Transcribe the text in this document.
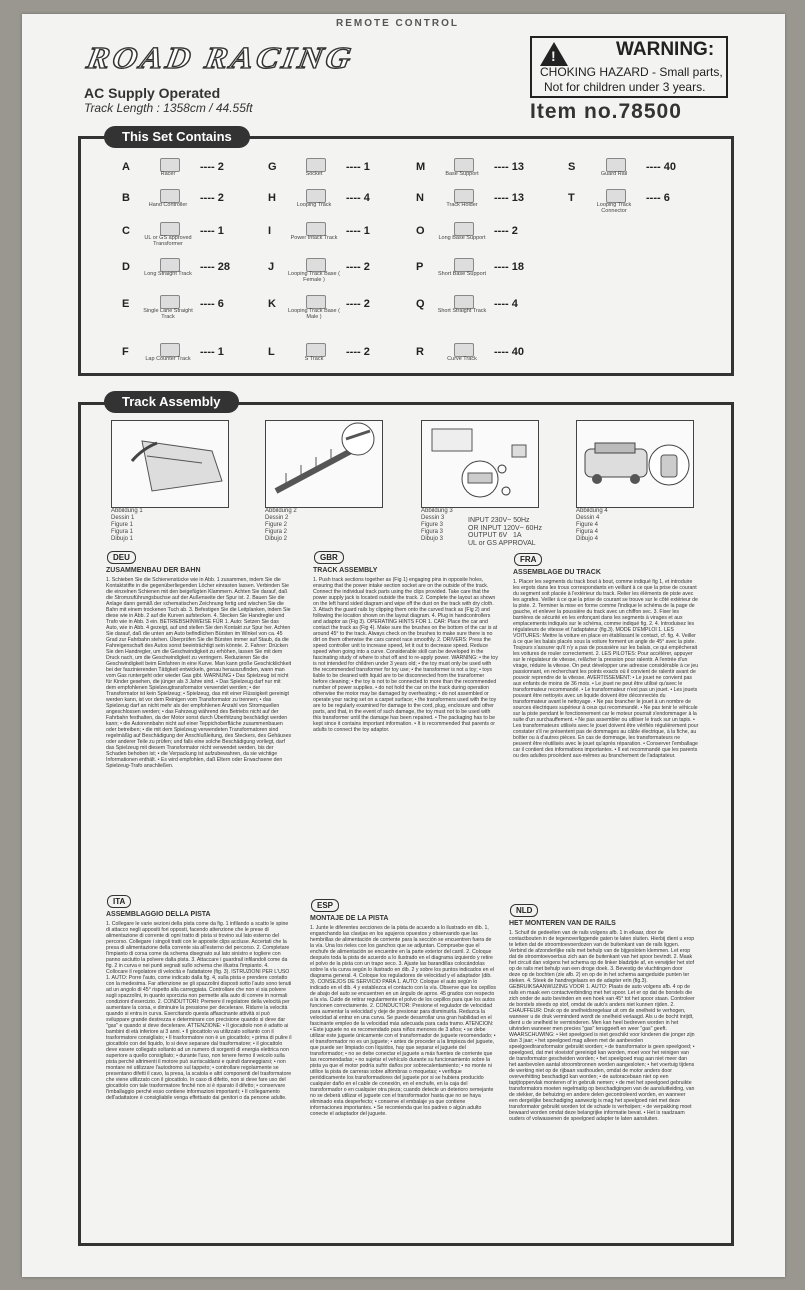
REMOTE CONTROL
ROAD RACING
AC Supply Operated
Track Length : 1358cm / 44.55ft
!	WARNING:
CHOKING HAZARD - Small parts,
Not for children under 3 years.
Item no.78500
This Set Contains
A
Racer
---- 2
B
Hand Controller
---- 2
C
UL or GS approved Transformer
---- 1
D
Long Straight Track
---- 28
E
Single Lane Straight Track
---- 6
F
Lap Counter Track
---- 1
G
Socket
---- 1
H
Looping Track
---- 4
I
Power Intack Track
---- 1
J
Looping Track Base ( Female )
---- 2
K
Looping Track Base ( Male )
---- 2
L
S Track
---- 2
M
Base Support
---- 13
N
Track Holder
---- 13
O
Long Base Support
---- 2
P
Short Base Support
---- 18
Q
Short Straight Track
---- 4
R
Curve Track
---- 40
S
Guard Rail
---- 40
T
Looping Track Connector
---- 6
Track Assembly
Abbildung 1
Dessin 1
Figure 1
Figura 1
Dibujo 1
Abbildung 2
Dessin 2
Figure 2
Figura 2
Dibujo 2
Abbildung 3
Dessin 3
Figure 3
Figura 3
Dibujo 3
Abbildung 4
Dessin 4
Figure 4
Figura 4
Dibujo 4
INPUT 230V~ 50Hz
OR INPUT 120V~ 60Hz
OUTPUT 6V   1A
UL or GS APPROVAL
DEU
ZUSAMMENBAU DER BAHN
1. Schieben Sie die Schienenstücke wie in Abb. 1 zusammen, indem Sie die Kontaktstifte in die gegenüberliegenden Löcher einrasten lassen. Verbinden Sie die einzelnen Schienen mit den beigefügten Klammern. Achten Sie darauf, daß die Stromzuführungsbuchse auf der Außenseite der Spur ist. 2. Bauen Sie die Anlage dann gemäß der schematischen Zeichnung fertig und wischen Sie die Bahn mit einem trockenen Tuch ab. 3. Befestigen Sie die Leitplanken, indem Sie diese wie in Abb. 2 auf die Kurven aufstecken. 4. Stecken Sie Handregler und Trafo wie in Abb. 3 ein. BETRIEBSHINWEISE FÜR 1. Auto: Setzen Sie das Auto, wie in Abb. 4 gezeigt, auf und stellen Sie den Kontakt zur Spur her. Achten Sie darauf, daß die unten am Auto befindlichen Bürsten im Winkel von ca. 45 Grad zur Fahrbahn stehen. Überprüfen Sie die Bürsten immer auf Staub, da die Fahreigenschaft des Autos sonst beeinträchtigt sein könnte. 2. Fahrer: Drücken Sie den Handregler, um die Geschwindigkeit zu erhöhen, lassen Sie mit dem Druck nach, um die Geschwindigkeit zu verringern. Reduzieren Sie die Geschwindigkeit beim Einfahren in eine Kurve. Man kann große Geschicklichkeit bei der faszinierenden Tätigkeit entwickeln, genau herauszufinden, wann man vom Gas runtergeht oder wieder Gas gibt. WARNUNG • Das Spielzeug ist nicht für Kinder gesehen, die jünger als 3 Jahre sind. • Das Spielzeug darf nur mit dem empfohlenen Spielzeugtransformator verwendet werden; • der Transformator ist kein Spielzeug; • Spielzeug, das mit einer Flüssigkeit gereinigt werden kann, ist vor dem Reinigen vom Transformator zu trennen; • das Spielzeug darf an nicht mehr als der empfohlenen Anzahl von Stromquellen angeschlossen werden; • das Fahrzeug während des Betriebs nicht auf der Fahrbahn festhalten, da der Motor sonst durch Überhitzung beschädigt werden kann; • die Autorennbahn nicht auf einer Teppichoberfläche zusammenbauen oder betreiben; • die mit dem Spielzeug verwendeten Transformatoren sind regelmäßig auf Beschädigung der Anschlußleitung, des Steckers, des Gehäuses oder anderer Teile zu prüfen; und falls eine solche Beschädigung vorliegt, darf das Spielzeug mit diesem Transformator nicht verwendet werden, bis der Schaden behoben ist; • die Verpackung ist aufzubewahren, da sie wichtige Informationen enthält. • Es wird empfohlen, daß Eltern oder Erwachsene den Spielzeug-Trafo anschließen.
GBR
TRACK ASSEMBLY
1. Push track sections together as (Fig 1) engaging pins in opposite holes, ensuring that the power intake section socket are on the outside of the track. Connect the individual track parts using the clips provided. Take care that the power supply jack is located outside the track. 2. Complete the layout as shown on the left hand sided diagram and wipe off the dust on the track with dry cloth. 3. Attach the guard rails by clipping them onto the curved track as (Fig 2) and following the location shown on the layout diagram. 4. Plug in handcontrollers and adaptor as (Fig 3). OPERATING HINTS FOR 1. CAR: Place the car and contact the track as (Fig 4). Make sure the brushes on the bottom of the car is at around 45° to the track. Always check on the brushes to make sure there is no dirt on them otherwise the cars cannot race smoothly. 2. DRIVERS: Press the speed controller unit to increase speed, let it out to decrease speed. Reduce speed when going into a curve. Considerable skill can be developed in the fascinating study of where to shut off and to re-apply power. WARNING: • the toy is not intended for children under 3 years old; • the toy must only be used with the recommended transformer for toy use; • the transformer is not a toy; • toys liable to be cleaned with liquid are to be disconnected from the transformer before cleaning; • the toy is not to be connected to more than the recommended number of power supplies. • do not hold the car on the track during operation otherwise the motor may be damaged by overheating; • do not assembled or operate your racing set on a carpet surface; • the transformers used with the toy are to be regularly examined for damage to the cord, plug, enclosure and other parts, and that, in the event of such damage, the toy must not to be used with this transformer until the damage has been repaired. • The packaging has to be kept since it contains important information. • It is recommended that parents or adults to connect the toy adaptor.
FRA
ASSEMBLAGE DU TRACK
1. Placer les segments du track bout à bout, comme indiqué fig 1, et introduire les ergots dans les trous correspondants en veillant à ce que la prise de courant du segment soit placée à l'extérieur du track. Relier les éléments de piste avec les agrafes. Veiller à ce que la prise de courant se trouve sur le côté extérieur de la piste. 2. Terminer la mise en forme comme l'indique le schéma de la page de gauche, et enlever la poussière du track avec un chiffon sec. 3. Fixer les barrières de sécurité en les enfonçant dans les segments à virages et aux emplacements indiqués sur le schéma, comme indiqué fig. 2. 4. Introduisez les régulateurs de vitesse et l'adaptateur (fig.3). MODE D'EMPLOI 1. LES VOITURES: Mettre la voiture en place en établissant le contact, cf. fig. 4. Veiller à ce que les balais placés sous la voiture forment un angle de 45° avec la piste. Toujours s'assurer qu'il n'y a pas de poussière sur les balais, ce qui empêcherait les voitures de rouler correctement. 2. LES PILOTES: Pour accélérer, appuyer sur le régulateur de vitesse, relâcher la pression pour ralentir. A l'entrée d'un virage, réduire la vitesse. On peut développer une adresse considérable à ce jeu passionnant, en recherchant les points exacts où il convient de ralentir avant de pouvoir reprendre de la vitesse. AVERTISSEMENT: • Le jouet ne convient pas aux enfants de moins de 36 mois. • Le jouet ne peut être utilisé qu'avec le transformateur recommandé. • Le transformateur n'est pas un jouet. • Les jouets pouvant être nettoyés avec un liquide doivent être déconnectés du transformateur avant le nettoyage. • Ne pas brancher le jouet à un nombre de sources électriques supérieur à ceux qui recommandé. • Ne pas tenir le véhicule sur la piste pendant le fonctionnement car le moteur pourrait s'endommager à la suite d'un surchauffement. • Ne pas assembler ou utiliser le track sur un tapis. • Les transformateurs utilisés avec le jouet doivent être vérifiés régulièrement pour constater s'il ne présentent pas de dommages au câble électrique, à la fiche, au boîtier ou à d'autres pièces. En cas de dommage, les transformateurs ne peuvent être réutilisés avec le jouet qu'après réparation. • Conserver l'emballage car il contient des informations importantes. • Il est recommandé que les parents ou des adultes procèdent aux-mêmes au branchement de l'adaptateur.
ITA
ASSEMBLAGGIO DELLA PISTA
1. Collegare le varie sezioni della pista come da fig. 1 infilando a scatto le spine di attacco negli appositi fori opposti, facendo attenzione che le prese di alimentazione di corrente di ogni tratto di pista si trovino sul lato esterno del percorso. Collegare i singoli tratti con le apposite clips accluse. Accertati che la presa di alimentazione della corrente sia all'esterno del percorso. 2. Completare l'impianto di corsa come da schema disegnato sul lato sinistro e togliere con panno asciutto la polvere dalla pista. 3. Attaccare i guardrail infilandoli come da fig. 2 in curva e nei punti segnati sullo schema che illustra l'impianto. 4. Collocare il regolatore di velocità e l'adattatore (fig. 3). ISTRUZIONI PER L'USO 1. AUTO: Porre l'auto, come indicato dalla fig. 4, sulla pista e prendere contatto con la medesima. Far attenzione se gli spazzolini disposti sotto l'auto sono tenuti ad un angolo di 45° rispetto alla carreggiata. Controllare che non vi sia polvere sugli spazzolini, in quanto sporcizia non permette alla auto di correre in normali condizioni d'esercizio. 2. CONDUTTORI: Premere il regolatore della velocità per aumentare la corsa, e diminuire la pressione per decelerare. Ridurre la velocità quando si entra in curva. Esercitando questa affascinante attività si può sviluppare grande destrezza e determinare con precisione quando si deve dar "gas" e quando si deve decelerare. ATTENZIONE: • Il giocattolo non è adatto ai bambini di età inferiore ai 3 anni. • Il giocattolo va utilizzato soltanto con il trasformatore consigliato; • Il trasformatore non è un giocattolo; • prima di pulire il giocattolo con del liquido, lo si deve separare dal trasformatore; • il giocattolo deve essere collegato soltanto ad un numero di sorgenti di energia elettrica non superiore a quello consigliato; • durante l'uso, non tenere fermo il veicolo sulla pista perché altrimenti il motore può surriscaldarsi e quindi danneggiarsi; • non montare né utilizzare l'autodromo sul tappeto; • controllare regolarmente se presentano difetti il cavo, la presa, la scatola e altri componenti del trasformatore che viene utilizzato con il giocattolo. In caso di difetto, non si deve fare uso del giocattolo con tale trasformatore finché non si è riparato il difetto; • conservare l'imballaggio perché esso contiene informazioni importanti; • Il collegamento dell'adattatore è consigliabile venga effettuato dai genitori o da persone adulte.
ESP
MONTAJE DE LA PISTA
1. Junte le diferentes secciones de la pista de acuerdo a lo ilustrado en dib. 1, enganchando las clavijas en los agujeros opuestos y observando que las hembrillas de alimentación de corriente para la sección se encuentren fuera de la vía. Una los rieles con los ganchos que se adjuntan. Compruebe que el enchufe de alimentación se encuentre en la parte exterior del carril. 2. Coloque después toda la pista de acuerdo a lo ilustrado en el diagrama izquierdo y retire el polvo de la pista con un trapo seco. 3. Ajuste las barandillas colocándolas sobre la vía curva según lo ilustrado en dib. 2 y sobre los puntos indicados en el diagrama general. 4. Coloque los reguladores de velocidad y el adaptador (dib. 3). CONSEJOS DE SERVICIO PARA 1. AUTO: Coloque el auto según lo indicado en el dib. 4 y establezca el contacto con la vía. Observe que los cepillos de abajo del auto se encuentren en un ángulo de aprox. 45 grados con respecto a la vía. Cuide de retirar regularmente el polvo de los cepillos para que los autos funcionen correctamente. 2. CONDUCTOR: Presione el regulador de velocidad para aumentar la velocidad y deje de presionar para disminuirla. Reduzca la velocidad al entrar en una curva. Se puede desarrollar una gran habilidad en el fascinante empleo de la velocidad más adecuada para cada tramo. ATENCION: • Este juguete no es recomendado para niños menores de 3 años; • se debe utilizar este juguete únicamente con el transformador de juguete recomendado; • el transformador no es un juguete; • antes de proceder a la limpieza del juguete, que puede ser limpiado con líquidos, hay que separar el juguete del transformador; • no se debe conectar el juguete a más fuentes de corriente que las recomendadas; • no sujetar el vehículo durante su funcionamiento sobre la pista ya que el motor podría sufrir daños por sobrecalentamiento; • no monte ni utilice la pista de carreras sobre alfombras o moquetas; • verifique periódicamente los transformadores del juguete por si se hubiera producido cualquier daño en el cable de conexión, en el enchufe, en la caja del transformador o en cualquier otra pieza; cuando detecte un deterioro semejante no se deberá utilizar el juguete con el transformador hasta que no se haya eliminado esta desperfecto; • conserve el embalaje ya que contiene informaciones importantes. • Se recomienda que los padres o algún adulto conecte el adaptador del juguete.
NLD
HET MONTEREN VAN DE RAILS
1. Schuif de gedeelten van de rails volgens afb. 1 in elkaar, door de contactbouten in de tegenoverliggende gaten te laten sluiten. Hierbij dient u erop te letten dat de stroomtoevoerdozen van de buitenkant van de rails liggen. Verbind de afzonderlijke rails met behulp van de bijgesloten klemmen. Let erop dat de stroomtoevoerbus zich aan de buitenkant van het spoor bevindt. 2. Maak het circuit dan volgens het schema op de linker bladzijde af, en verwijder het stof op de rails met behulp van een droge doek. 3. Bevestig de vluchtingen door deze op de bochten (zie afb. 2) en op de in het schema aangeduide punten ter steken. 4. Steek de handregelaars en de adapter erin (fig.3). GEBRUIKSAANWIJZING VOOR 1. AUTO: Plaats de auto volgens afb. 4 op de rails en maak een contactverbinding met het spoor. Let er op dat de borstels die zich onder de auto bevinden en een hoek van 45° tot het spoor staan. Controleer de borstels steeds op stof, omdat de auto's anders niet kunnen rijden. 2. CHAUFFEUR: Druk op de snelheidsregelaar uit om de snelheid te verhogen, wanneer u de druk verminderd wordt de snelheid verlaagd. Als u de bocht inrijdt, dient u de snelheid te verminderen. Men kan heel bedreven worden in het uitvinden wanneer men precies "gas" teruggeeft en weer "gas" geeft. WAARSCHUWING: • Het speelgoed is niet geschikt voor kinderen die jonger zijn dan 3 jaar; • het speelgoed mag alleen met de aanbevolen speelgoedtransformator gebruikt worden; • de transformator is geen speelgoed; • speelgoed, dat met vloeistof gereinigd kan worden, moet voor het reinigen van de transformator gescheiden worden; • het speelgoed mag aan niet meer dan het aanbevolen aantal stroombronnen worden aangesloten; • het voertuig tijdens de werking niet op de rijbaan vasthouden, omdat de motor anders door oververhitting beschadigd kan worden; • de autoracebaan niet op een tapijtoppervlak monteren of in gebruik nemen; • de met het speelgoed gebruikte transformators moeten regelmatig op beschadigingen van de aansluitleiding, van de stekker, de behuizing en andere delen gecontroleerd worden, en wanneer een dergelijke beschadiging aanwezig is mag het speelgoed niet met deze transformator gebruikt worden tot de schade is verholpen; • de verpakking moet bewaard worden omdat deze belangrijke informatie bevat. • Het is raadzaam ouders of volwassenen de speelgoed adapter te laten aansluiten.
